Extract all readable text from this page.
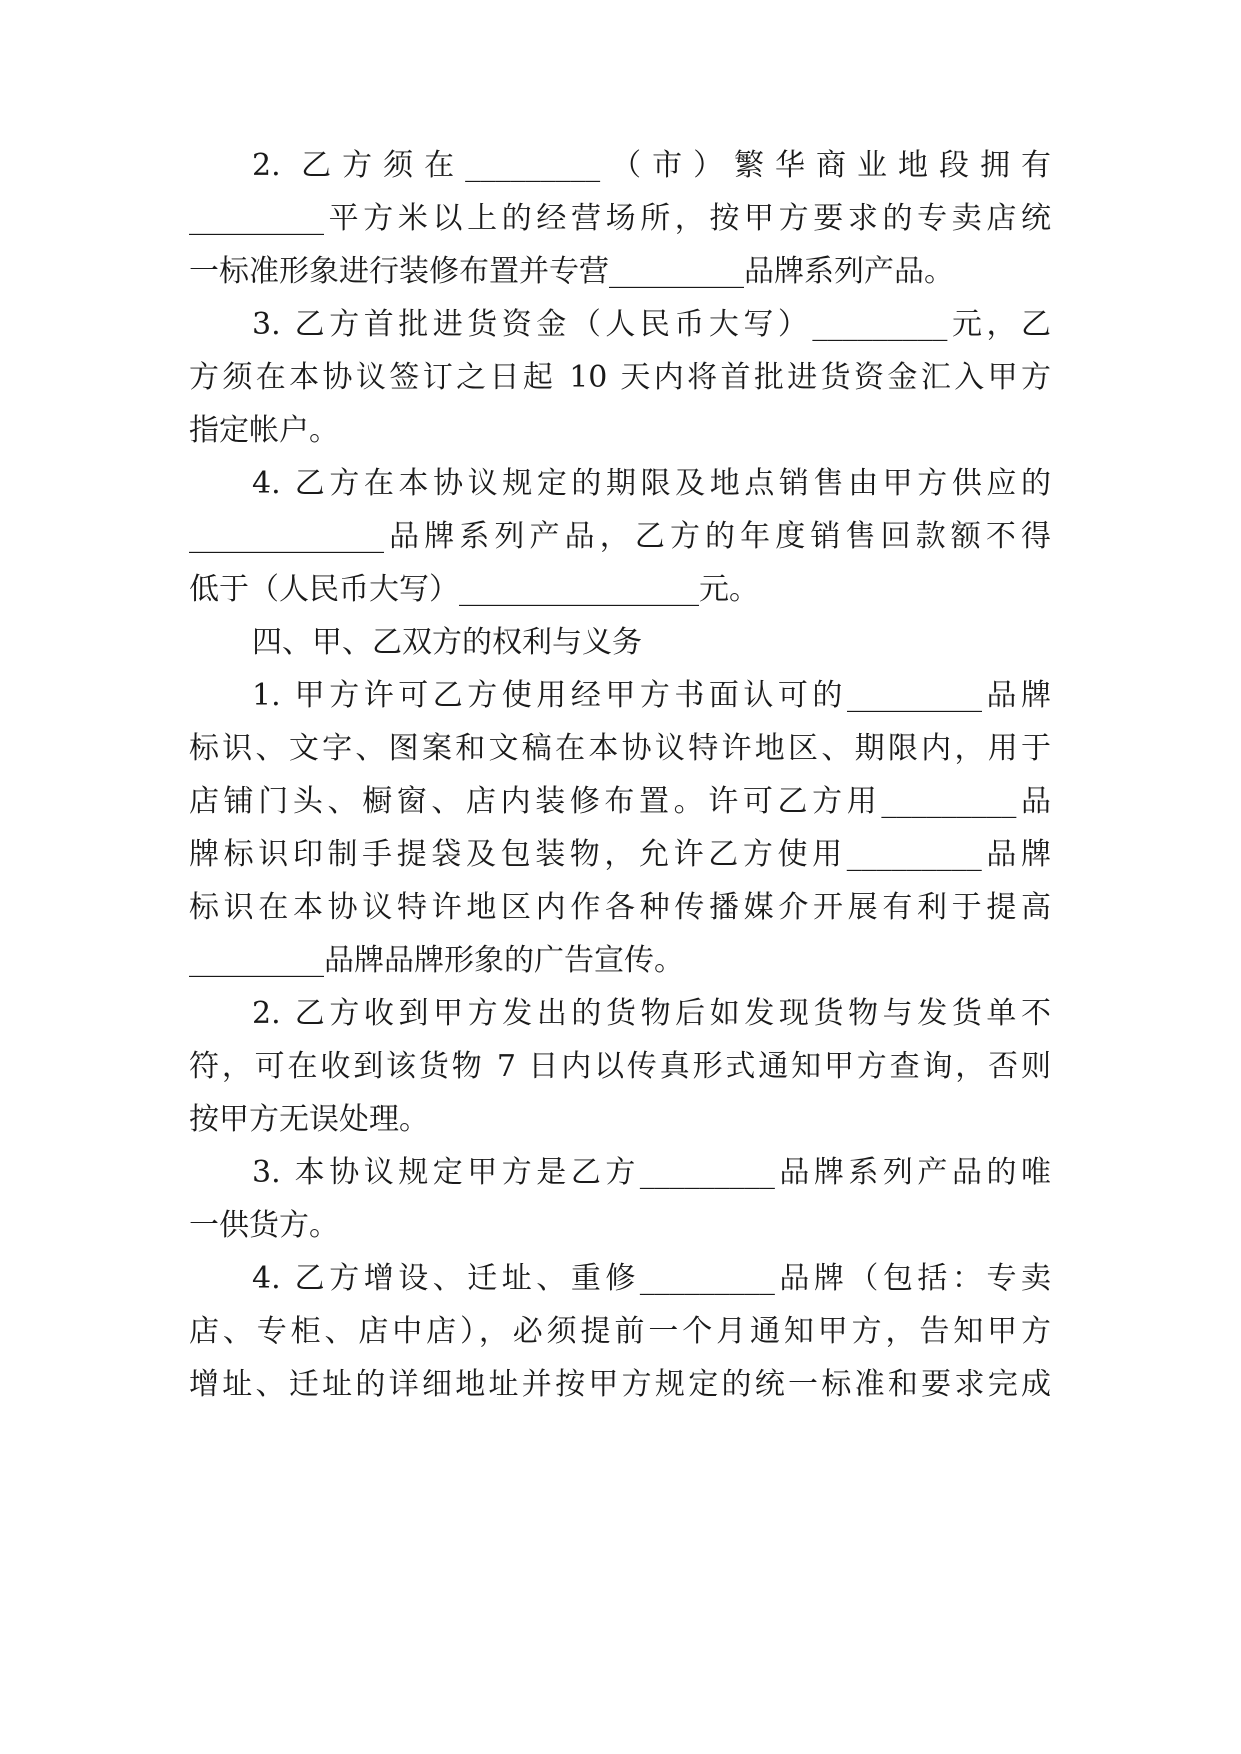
2. 乙方须在_________（市）繁华商业地段拥有
_________平方米以上的经营场所，按甲方要求的专卖店统
一标准形象进行装修布置并专营_________品牌系列产品。
3. 乙方首批进货资金（人民币大写）_________元，乙
方须在本协议签订之日起 10 天内将首批进货资金汇入甲方
指定帐户。
4. 乙方在本协议规定的期限及地点销售由甲方供应的
_____________品牌系列产品，乙方的年度销售回款额不得
低于（人民币大写）________________元。
四、甲、乙双方的权利与义务
1. 甲方许可乙方使用经甲方书面认可的_________品牌
标识、文字、图案和文稿在本协议特许地区、期限内，用于
店铺门头、橱窗、店内装修布置。许可乙方用_________品
牌标识印制手提袋及包装物，允许乙方使用_________品牌
标识在本协议特许地区内作各种传播媒介开展有利于提高
_________品牌品牌形象的广告宣传。
2. 乙方收到甲方发出的货物后如发现货物与发货单不
符，可在收到该货物 7 日内以传真形式通知甲方查询，否则
按甲方无误处理。
3. 本协议规定甲方是乙方_________品牌系列产品的唯
一供货方。
4. 乙方增设、迁址、重修_________品牌（包括：专卖
店、专柜、店中店），必须提前一个月通知甲方，告知甲方
增址、迁址的详细地址并按甲方规定的统一标准和要求完成
